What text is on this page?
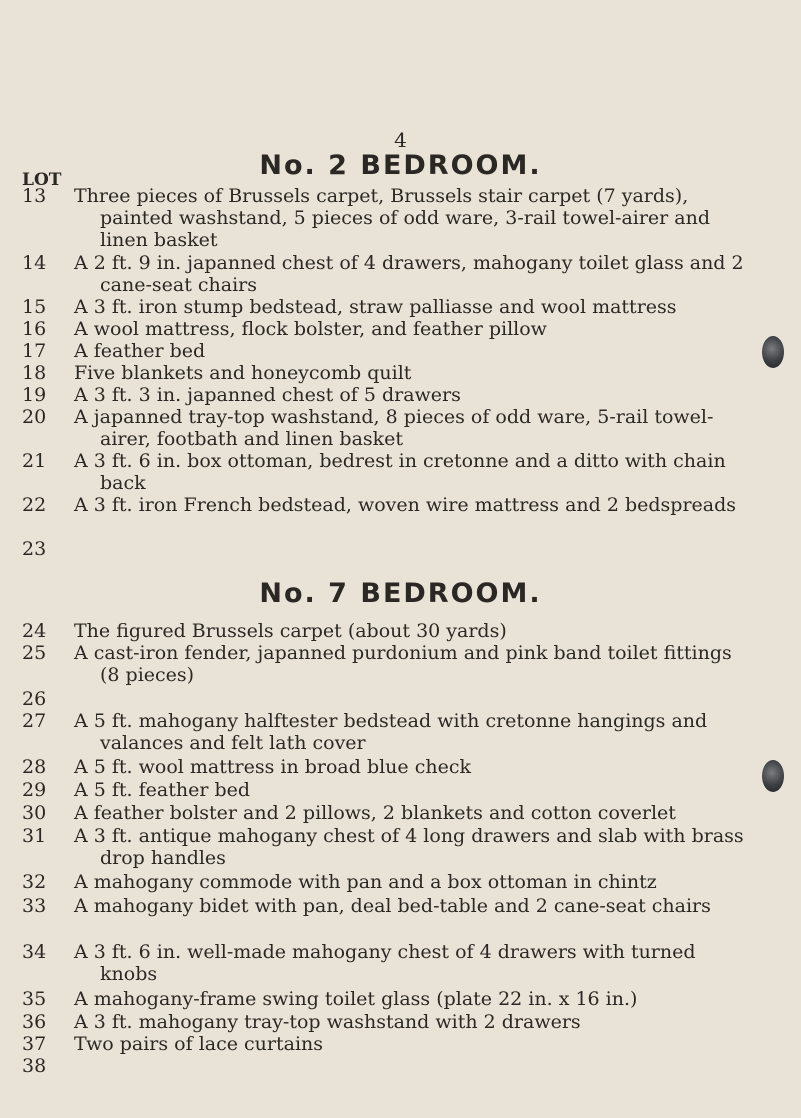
4
No. 2 BEDROOM.
LOT
13	Three pieces of Brussels carpet, Brussels stair carpet (7 yards), painted washstand, 5 pieces of odd ware, 3-rail towel-airer and linen basket
14	A 2 ft. 9 in. japanned chest of 4 drawers, mahogany toilet glass and 2 cane-seat chairs
15	A 3 ft. iron stump bedstead, straw palliasse and wool mattress
16	A wool mattress, flock bolster, and feather pillow
17	A feather bed
18	Five blankets and honeycomb quilt
19	A 3 ft. 3 in. japanned chest of 5 drawers
20	A japanned tray-top washstand, 8 pieces of odd ware, 5-rail towel-airer, footbath and linen basket
21	A 3 ft. 6 in. box ottoman, bedrest in cretonne and a ditto with chain back
22	A 3 ft. iron French bedstead, woven wire mattress and 2 bedspreads
23
No. 7 BEDROOM.
24	The figured Brussels carpet (about 30 yards)
25	A cast-iron fender, japanned purdonium and pink band toilet fittings (8 pieces)
26
27	A 5 ft. mahogany halftester bedstead with cretonne hangings and valances and felt lath cover
28	A 5 ft. wool mattress in broad blue check
29	A 5 ft. feather bed
30	A feather bolster and 2 pillows, 2 blankets and cotton coverlet
31	A 3 ft. antique mahogany chest of 4 long drawers and slab with brass drop handles
32	A mahogany commode with pan and a box ottoman in chintz
33	A mahogany bidet with pan, deal bed-table and 2 cane-seat chairs
34	A 3 ft. 6 in. well-made mahogany chest of 4 drawers with turned knobs
35	A mahogany-frame swing toilet glass (plate 22 in. x 16 in.)
36	A 3 ft. mahogany tray-top washstand with 2 drawers
37	Two pairs of lace curtains
38
